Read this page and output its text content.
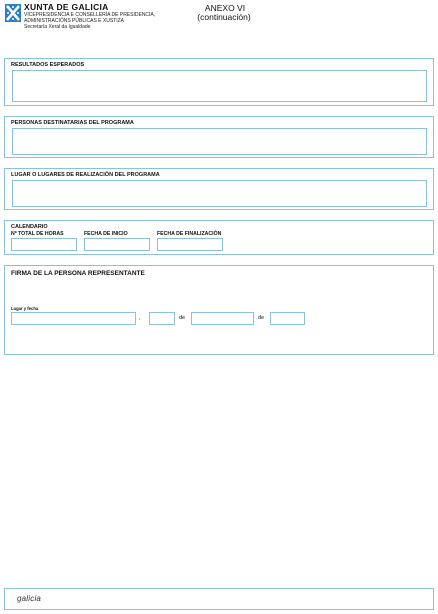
XUNTA DE GALICIA
VICEPRESIDENCIA E CONSELLERÍA DE PRESIDENCIA,
ADMINISTRACIÓNS PÚBLICAS E XUSTIZA
Secretaría Xeral da Igualdade
ANEXO VI
(continuación)
RESULTADOS ESPERADOS
PERSONAS DESTINATARIAS DEL PROGRAMA
LUGAR O LUGARES DE REALIZACIÓN DEL PROGRAMA
CALENDARIO
Nº TOTAL DE HORAS	FECHA DE INICIO	FECHA DE FINALIZACIÓN
FIRMA DE LA PERSONA REPRESENTANTE
Lugar y fecha
,	de	de
galicia
